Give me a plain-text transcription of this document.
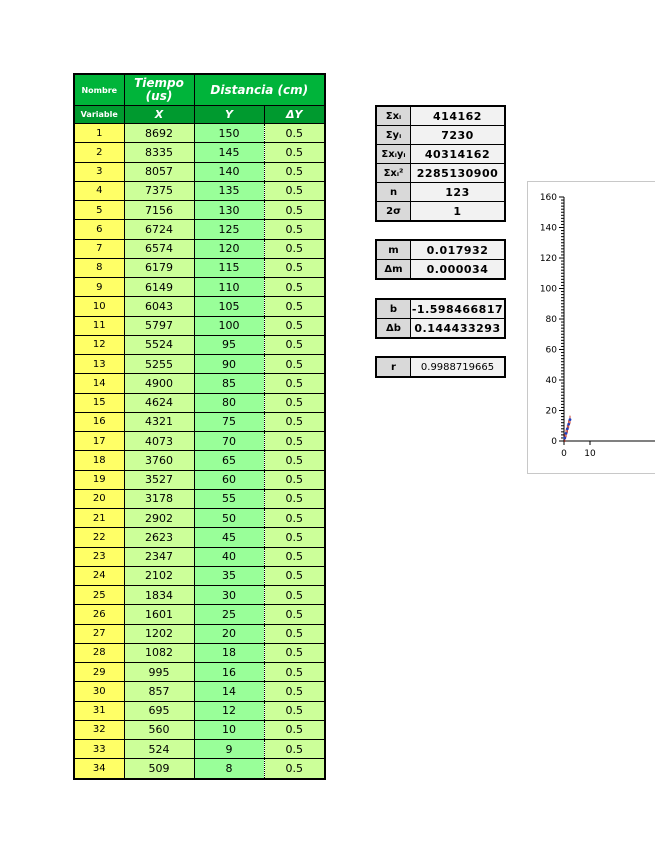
Nombre	Tiempo (us)	Distancia (cm)	
Variable	X	Y	ΔY
1	8692	150	0.5
2	8335	145	0.5
3	8057	140	0.5
4	7375	135	0.5
5	7156	130	0.5
6	6724	125	0.5
7	6574	120	0.5
8	6179	115	0.5
9	6149	110	0.5
10	6043	105	0.5
11	5797	100	0.5
12	5524	95	0.5
13	5255	90	0.5
14	4900	85	0.5
15	4624	80	0.5
16	4321	75	0.5
17	4073	70	0.5
18	3760	65	0.5
19	3527	60	0.5
20	3178	55	0.5
21	2902	50	0.5
22	2623	45	0.5
23	2347	40	0.5
24	2102	35	0.5
25	1834	30	0.5
26	1601	25	0.5
27	1202	20	0.5
28	1082	18	0.5
29	995	16	0.5
30	857	14	0.5
31	695	12	0.5
32	560	10	0.5
33	524	9	0.5
34	509	8	0.5
Σxᵢ	414162
Σyᵢ	7230
Σxᵢyᵢ	40314162
Σxᵢ²	2285130900
n	123
2σ	1
m	0.017932
Δm	0.000034
b	-1.598466817
Δb	0.144433293
r	0.9988719665
0
20
40
60
80
100
120
140
160
0 10
